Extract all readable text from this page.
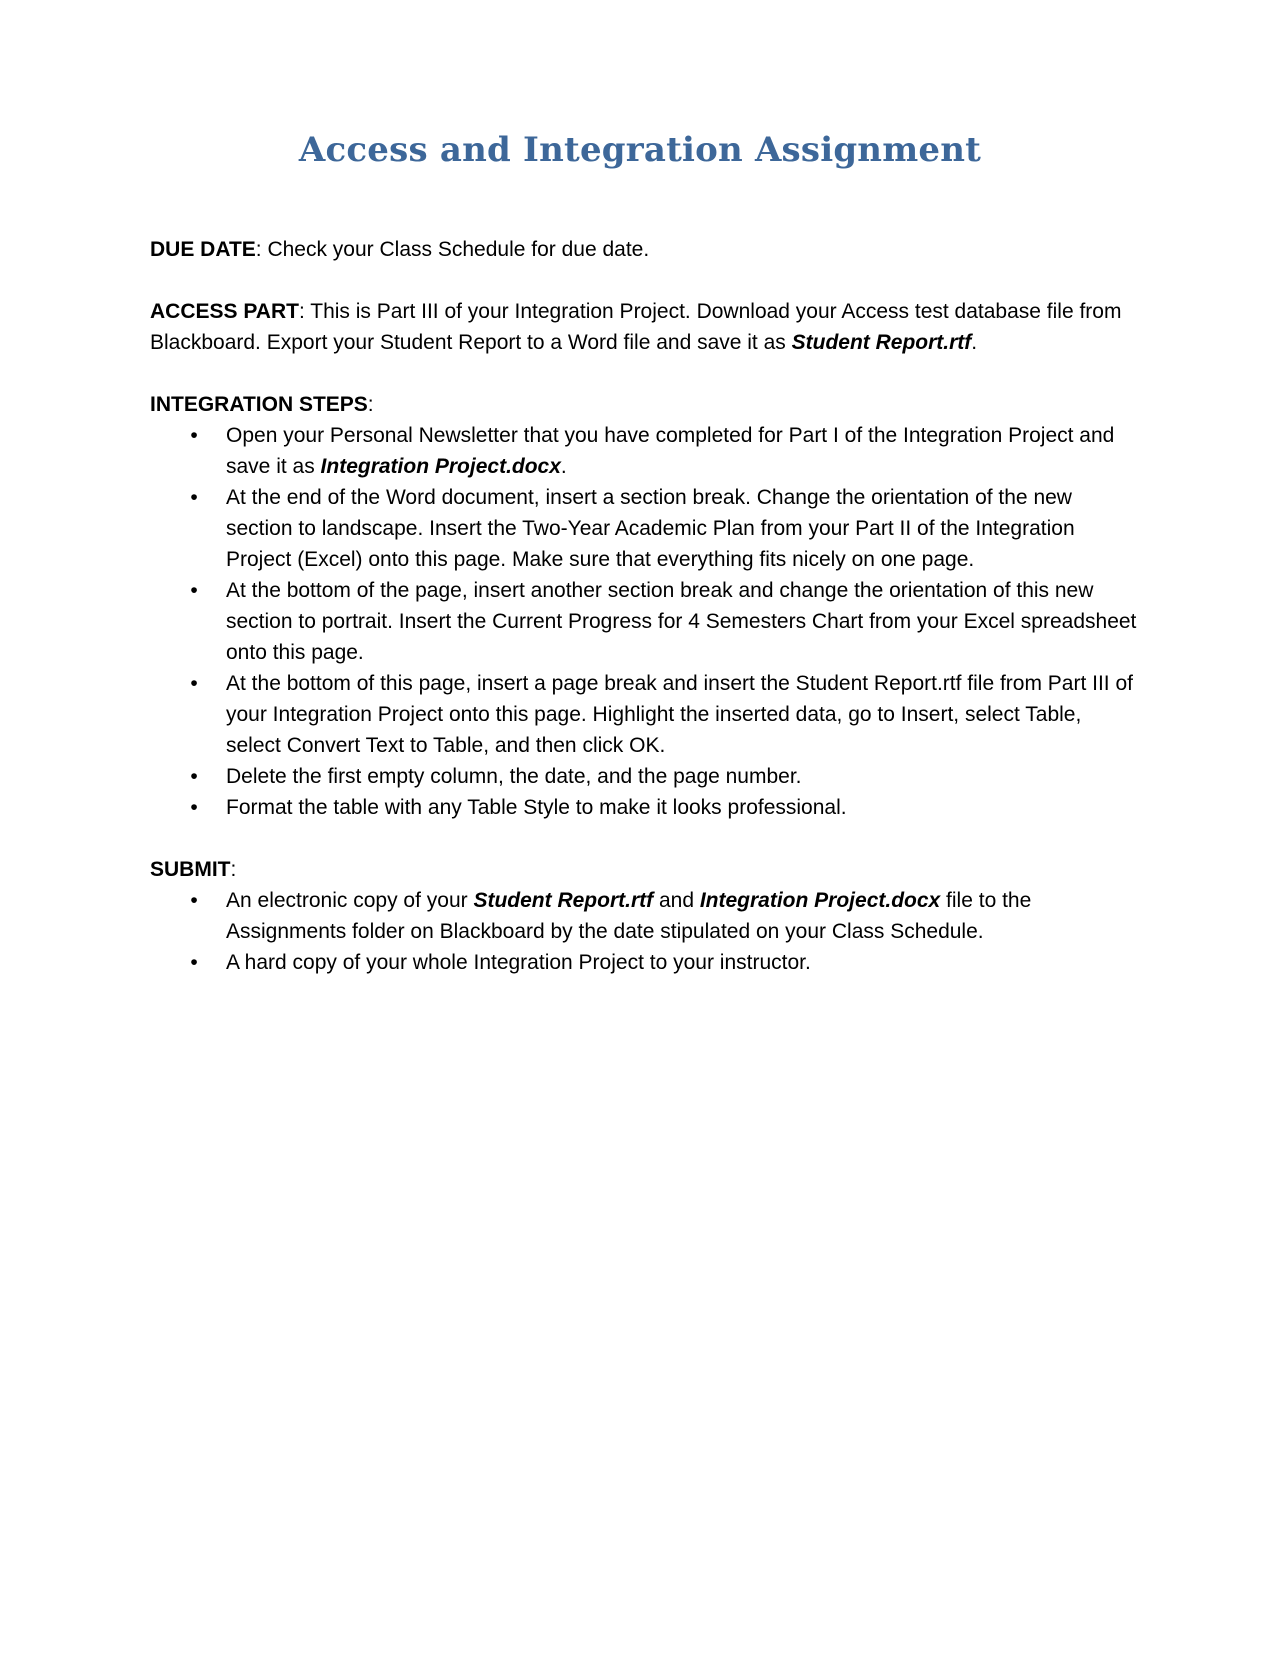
Access and Integration Assignment

DUE DATE: Check your Class Schedule for due date.

ACCESS PART: This is Part III of your Integration Project. Download your Access test database file from Blackboard. Export your Student Report to a Word file and save it as Student Report.rtf.

INTEGRATION STEPS:

• Open your Personal Newsletter that you have completed for Part I of the Integration Project and save it as Integration Project.docx.
• At the end of the Word document, insert a section break. Change the orientation of the new section to landscape. Insert the Two-Year Academic Plan from your Part II of the Integration Project (Excel) onto this page. Make sure that everything fits nicely on one page.
• At the bottom of the page, insert another section break and change the orientation of this new section to portrait. Insert the Current Progress for 4 Semesters Chart from your Excel spreadsheet onto this page.
• At the bottom of this page, insert a page break and insert the Student Report.rtf file from Part III of your Integration Project onto this page. Highlight the inserted data, go to Insert, select Table, select Convert Text to Table, and then click OK.
• Delete the first empty column, the date, and the page number.
• Format the table with any Table Style to make it looks professional.

SUBMIT:

• An electronic copy of your Student Report.rtf and Integration Project.docx file to the Assignments folder on Blackboard by the date stipulated on your Class Schedule.
• A hard copy of your whole Integration Project to your instructor.
